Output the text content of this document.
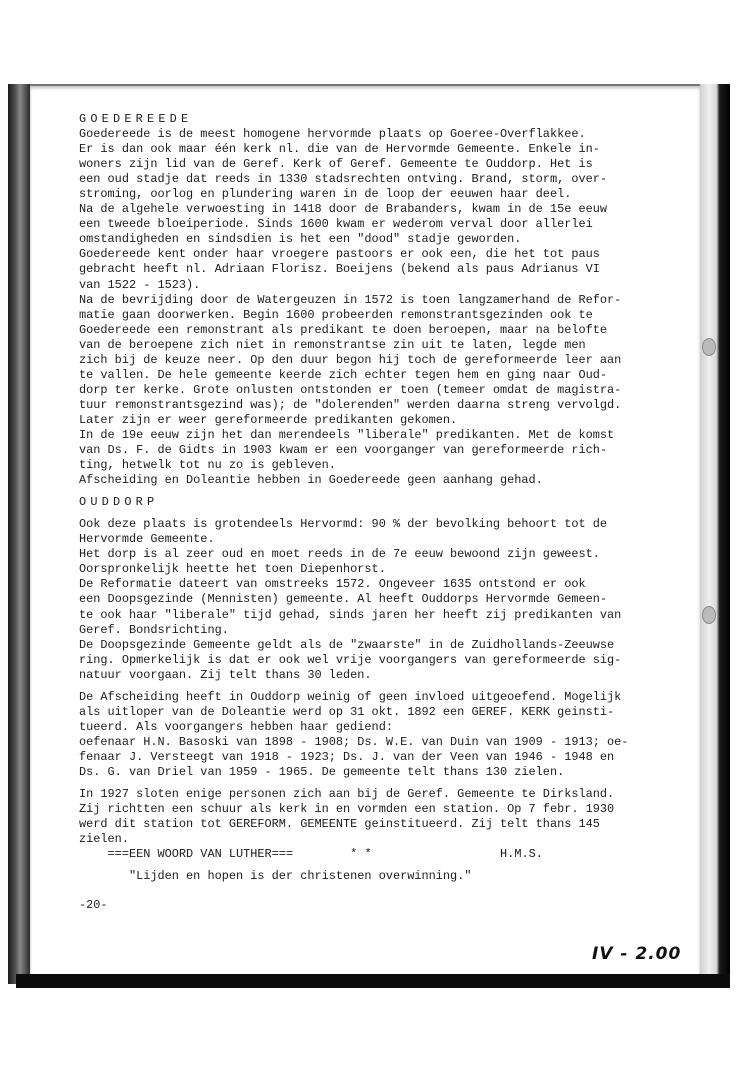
GOEDEREEDE
Goedereede is de meest homogene hervormde plaats op Goeree-Overflakkee.
Er is dan ook maar één kerk nl. die van de Hervormde Gemeente. Enkele in-
woners zijn lid van de Geref. Kerk of Geref. Gemeente te Ouddorp. Het is
een oud stadje dat reeds in 1330 stadsrechten ontving. Brand, storm, over-
stroming, oorlog en plundering waren in de loop der eeuwen haar deel.
Na de algehele verwoesting in 1418 door de Brabanders, kwam in de 15e eeuw
een tweede bloeiperiode. Sinds 1600 kwam er wederom verval door allerlei
omstandigheden en sindsdien is het een "dood" stadje geworden.
Goedereede kent onder haar vroegere pastoors er ook een, die het tot paus
gebracht heeft nl. Adriaan Florisz. Boeijens (bekend als paus Adrianus VI
van 1522 - 1523).
Na de bevrijding door de Watergeuzen in 1572 is toen langzamerhand de Refor-
matie gaan doorwerken. Begin 1600 probeerden remonstrantsgezinden ook te
Goedereede een remonstrant als predikant te doen beroepen, maar na belofte
van de beroepene zich niet in remonstrantse zin uit te laten, legde men
zich bij de keuze neer. Op den duur begon hij toch de gereformeerde leer aan
te vallen. De hele gemeente keerde zich echter tegen hem en ging naar Oud-
dorp ter kerke. Grote onlusten ontstonden er toen (temeer omdat de magistra-
tuur remonstrantsgezind was); de "dolerenden" werden daarna streng vervolgd.
Later zijn er weer gereformeerde predikanten gekomen.
In de 19e eeuw zijn het dan merendeels "liberale" predikanten. Met de komst
van Ds. F. de Gidts in 1903 kwam er een voorganger van gereformeerde rich-
ting, hetwelk tot nu zo is gebleven.
Afscheiding en Doleantie hebben in Goedereede geen aanhang gehad.
OUDDORP
Ook deze plaats is grotendeels Hervormd: 90 % der bevolking behoort tot de
Hervormde Gemeente.
Het dorp is al zeer oud en moet reeds in de 7e eeuw bewoond zijn geweest.
Oorspronkelijk heette het toen Diepenhorst.
De Reformatie dateert van omstreeks 1572. Ongeveer 1635 ontstond er ook
een Doopsgezinde (Mennisten) gemeente. Al heeft Ouddorps Hervormde Gemeen-
te ook haar "liberale" tijd gehad, sinds jaren her heeft zij predikanten van
Geref. Bondsrichting.
De Doopsgezinde Gemeente geldt als de "zwaarste" in de Zuidhollands-Zeeuwse
ring. Opmerkelijk is dat er ook wel vrije voorgangers van gereformeerde sig-
natuur voorgaan. Zij telt thans 30 leden.
De Afscheiding heeft in Ouddorp weinig of geen invloed uitgeoefend. Mogelijk
als uitloper van de Doleantie werd op 31 okt. 1892 een GEREF. KERK geinsti-
tueerd. Als voorgangers hebben haar gediend:
oefenaar H.N. Basoski van 1898 - 1908; Ds. W.E. van Duin van 1909 - 1913; oe-
fenaar J. Versteegt van 1918 - 1923; Ds. J. van der Veen van 1946 - 1948 en
Ds. G. van Driel van 1959 - 1965. De gemeente telt thans 130 zielen.
In 1927 sloten enige personen zich aan bij de Geref. Gemeente te Dirksland.
Zij richtten een schuur als kerk in en vormden een station. Op 7 febr. 1930
werd dit station tot GEREFORM. GEMEENTE geinstitueerd. Zij telt thans 145
zielen.
===EEN WOORD VAN LUTHER===	* *	H.M.S.
"Lijden en hopen is der christenen overwinning."
-20-
IV - 2.00
